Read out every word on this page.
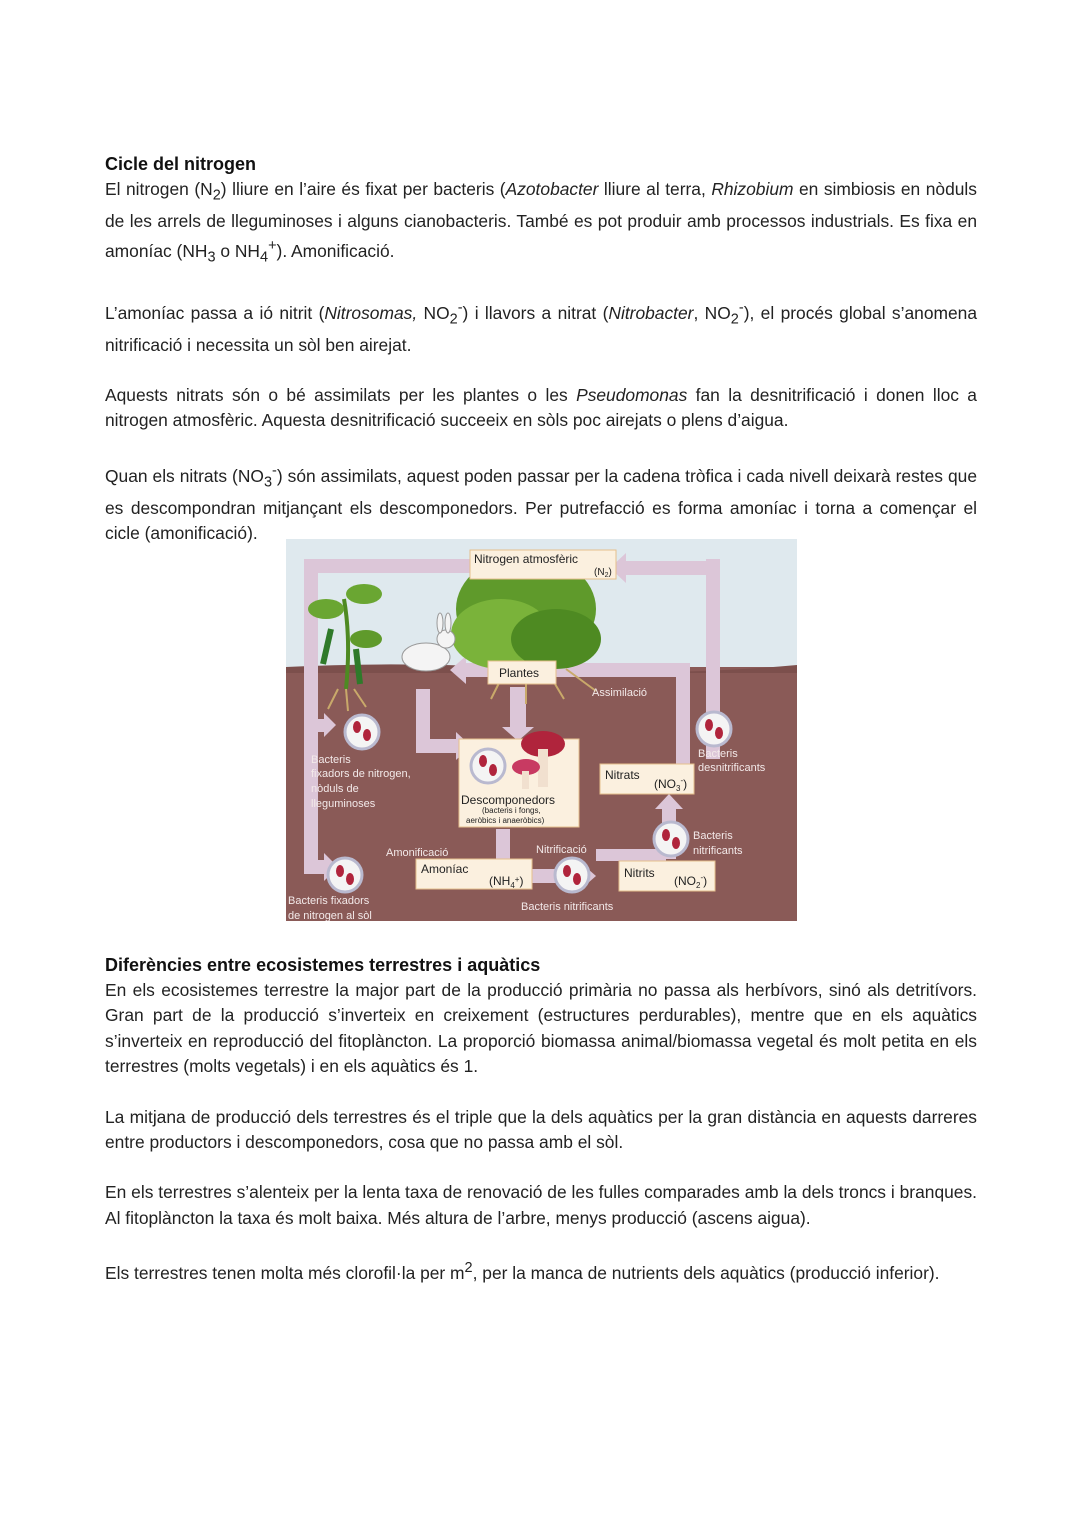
Cicle del nitrogen

El nitrogen $(N_2)$ lliure en l’aire és fixat per bacteris (Azotobacter lliure al terra, Rhizobium en simbiosis en nòduls de les arrels de lleguminoses i alguns cianobacteris. També es pot produir amb processos industrials. Es fixa en amoníac ($NH_3$ o $NH_4^+$). Amonificació.

L’amoníac passa a ió nitrit (Nitrosomas, $NO_2^-$) i llavors a nitrat (Nitrobacter, $NO_2^-$), el procés global s’anomena nitrificació i necessita un sòl ben airejat.

Aquests nitrats són o bé assimilats per les plantes o les Pseudomonas fan la desnitrificació i donen lloc a nitrogen atmosfèric. Aquesta desnitrificació succeeix en sòls poc airejats o plens d’aigua.

Quan els nitrats $(NO_3^-)$ són assimilats, aquest poden passar per la cadena tròfica i cada nivell deixarà restes que es descompondran mitjançant els descomponedors. Per putrefacció es forma amoníac i torna a començar el cicle (amonificació).

Nitrogen atmosfèric
$(N_2)$
Plantes
Assimilació
Bacteris
fixadors de nitrogen,
nòduls de
lleguminoses
Bacteris
desnitrificants
Nitrats
$(NO_3^-)$
Descomponedors
(bacteris i fongs,
aeròbics i anaeròbics)
Bacteris
nitrificants
Amonificació	Nitrificació
Amoníac
$(NH_4^+)$
Nitrits
$(NO_2^-)$
Bacteris fixadors
de nitrogen al sòl
Bacteris nitrificants
Diferències entre ecosistemes terrestres i aquàtics

En els ecosistemes terrestre la major part de la producció primària no passa als herbívors, sinó als detritívors. Gran part de la producció s’inverteix en creixement (estructures perdurables), mentre que en els aquàtics s’inverteix en reproducció del fitoplàncton. La proporció biomassa animal/biomassa vegetal és molt petita en els terrestres (molts vegetals) i en els aquàtics és 1.

La mitjana de producció dels terrestres és el triple que la dels aquàtics per la gran distància en aquests darreres entre productors i descomponedors, cosa que no passa amb el sòl.

En els terrestres s’alenteix per la lenta taxa de renovació de les fulles comparades amb la dels troncs i branques. Al fitoplàncton la taxa és molt baixa. Més altura de l’arbre, menys producció (ascens aigua).

Els terrestres tenen molta més clorofil·la per $m^2$, per la manca de nutrients dels aquàtics (producció inferior).
